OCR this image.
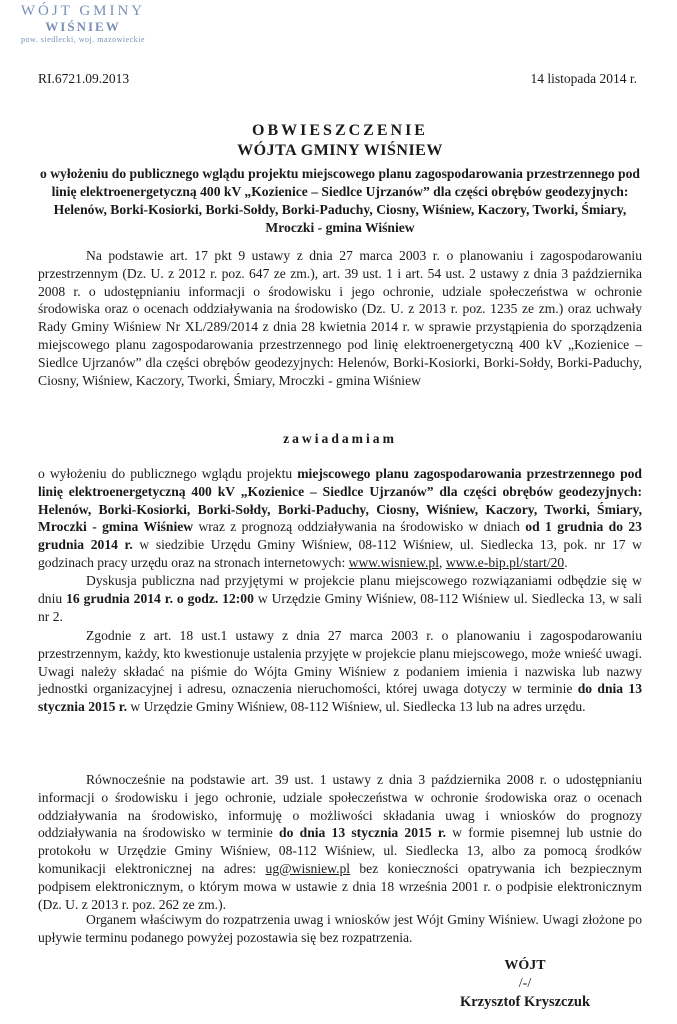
WÓJT GMINY
WIŚNIEW
pow. siedlecki, woj. mazowieckie
RI.6721.09.2013	14 listopada 2014 r.
OBWIESZCZENIE
WÓJTA GMINY WIŚNIEW
o wyłożeniu do publicznego wglądu projektu miejscowego planu zagospodarowania przestrzennego pod linię elektroenergetyczną 400 kV „Kozienice – Siedlce Ujrzanów” dla części obrębów geodezyjnych: Helenów, Borki-Kosiorki, Borki-Sołdy, Borki-Paduchy, Ciosny, Wiśniew, Kaczory, Tworki, Śmiary, Mroczki - gmina Wiśniew
Na podstawie art. 17 pkt 9 ustawy z dnia 27 marca 2003 r. o planowaniu i zagospodarowaniu przestrzennym (Dz. U. z 2012 r. poz. 647 ze zm.), art. 39 ust. 1 i art. 54 ust. 2 ustawy z dnia 3 października 2008 r. o udostępnianiu informacji o środowisku i jego ochronie, udziale społeczeństwa w ochronie środowiska oraz o ocenach oddziaływania na środowisko (Dz. U. z 2013 r. poz. 1235 ze zm.) oraz uchwały Rady Gminy Wiśniew Nr XL/289/2014 z dnia 28 kwietnia 2014 r. w sprawie przystąpienia do sporządzenia miejscowego planu zagospodarowania przestrzennego pod linię elektroenergetyczną 400 kV „Kozienice – Siedlce Ujrzanów” dla części obrębów geodezyjnych: Helenów, Borki-Kosiorki, Borki-Sołdy, Borki-Paduchy, Ciosny, Wiśniew, Kaczory, Tworki, Śmiary, Mroczki - gmina Wiśniew
zawiadamiam
o wyłożeniu do publicznego wglądu projektu miejscowego planu zagospodarowania przestrzennego pod linię elektroenergetyczną 400 kV „Kozienice – Siedlce Ujrzanów” dla części obrębów geodezyjnych: Helenów, Borki-Kosiorki, Borki-Sołdy, Borki-Paduchy, Ciosny, Wiśniew, Kaczory, Tworki, Śmiary, Mroczki - gmina Wiśniew wraz z prognozą oddziaływania na środowisko w dniach od 1 grudnia do 23 grudnia 2014 r. w siedzibie Urzędu Gminy Wiśniew, 08-112 Wiśniew, ul. Siedlecka 13, pok. nr 17 w godzinach pracy urzędu oraz na stronach internetowych: www.wisniew.pl, www.e-bip.pl/start/20.
Dyskusja publiczna nad przyjętymi w projekcie planu miejscowego rozwiązaniami odbędzie się w dniu 16 grudnia 2014 r. o godz. 12:00 w Urzędzie Gminy Wiśniew, 08-112 Wiśniew ul. Siedlecka 13, w sali nr 2.
Zgodnie z art. 18 ust.1 ustawy z dnia 27 marca 2003 r. o planowaniu i zagospodarowaniu przestrzennym, każdy, kto kwestionuje ustalenia przyjęte w projekcie planu miejscowego, może wnieść uwagi. Uwagi należy składać na piśmie do Wójta Gminy Wiśniew z podaniem imienia i nazwiska lub nazwy jednostki organizacyjnej i adresu, oznaczenia nieruchomości, której uwaga dotyczy w terminie do dnia 13 stycznia 2015 r. w Urzędzie Gminy Wiśniew, 08-112 Wiśniew, ul. Siedlecka 13 lub na adres urzędu.
Równocześnie na podstawie art. 39 ust. 1 ustawy z dnia 3 października 2008 r. o udostępnianiu informacji o środowisku i jego ochronie, udziale społeczeństwa w ochronie środowiska oraz o ocenach oddziaływania na środowisko, informuję o możliwości składania uwag i wniosków do prognozy oddziaływania na środowisko w terminie do dnia 13 stycznia 2015 r. w formie pisemnej lub ustnie do protokołu w Urzędzie Gminy Wiśniew, 08-112 Wiśniew, ul. Siedlecka 13, albo za pomocą środków komunikacji elektronicznej na adres: ug@wisniew.pl bez konieczności opatrywania ich bezpiecznym podpisem elektronicznym, o którym mowa w ustawie z dnia 18 września 2001 r. o podpisie elektronicznym (Dz. U. z 2013 r. poz. 262 ze zm.).
Organem właściwym do rozpatrzenia uwag i wniosków jest Wójt Gminy Wiśniew. Uwagi złożone po upływie terminu podanego powyżej pozostawia się bez rozpatrzenia.
WÓJT
/-/
Krzysztof Kryszczuk
